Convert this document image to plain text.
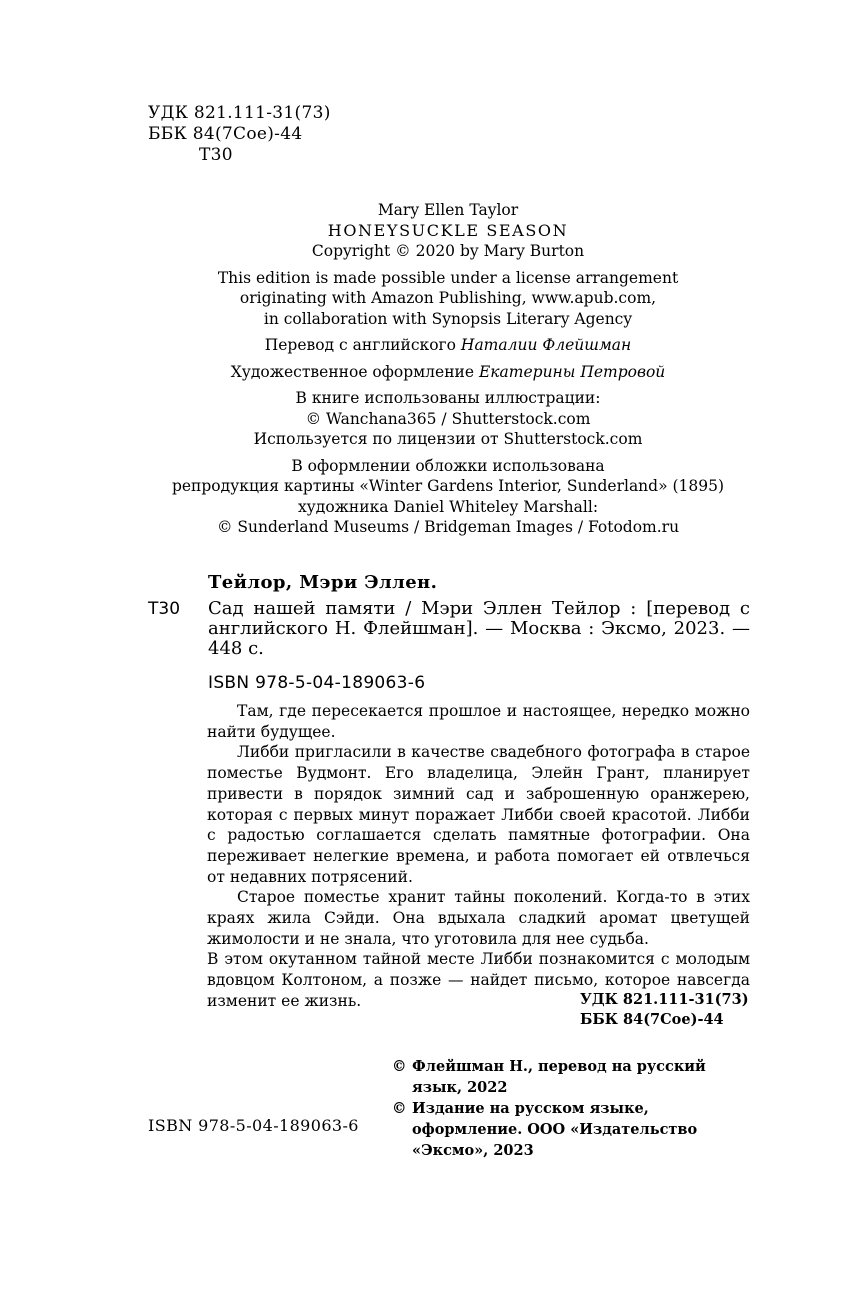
УДК 821.111-31(73)
ББК 84(7Сое)-44
Т30
Mary Ellen Taylor
HONEYSUCKLE SEASON
Copyright © 2020 by Mary Burton
This edition is made possible under a license arrangement
originating with Amazon Publishing, www.apub.com,
in collaboration with Synopsis Literary Agency
Перевод с английского Наталии Флейшман
Художественное оформление Екатерины Петровой
В книге использованы иллюстрации:
© Wanchana365 / Shutterstock.com
Используется по лицензии от Shutterstock.com
В оформлении обложки использована
репродукция картины «Winter Gardens Interior, Sunderland» (1895)
художника Daniel Whiteley Marshall:
© Sunderland Museums / Bridgeman Images / Fotodom.ru
Тейлор, Мэри Эллен.
Т30 Сад нашей памяти / Мэри Эллен Тейлор : [перевод с английского Н. Флейшман]. — Москва : Эксмо, 2023. — 448 с.
ISBN 978-5-04-189063-6

Там, где пересекается прошлое и настоящее, нередко можно найти будущее.

Либби пригласили в качестве свадебного фотографа в старое поместье Вудмонт. Его владелица, Элейн Грант, планирует привести в порядок зимний сад и заброшенную оранжерею, которая с первых минут поражает Либби своей красотой. Либби с радостью соглашается сделать памятные фотографии. Она переживает нелегкие времена, и работа помогает ей отвлечься от недавних потрясений.

Старое поместье хранит тайны поколений. Когда-то в этих краях жила Сэйди. Она вдыхала сладкий аромат цветущей жимолости и не знала, что уготовила для нее судьба.

В этом окутанном тайной месте Либби познакомится с молодым вдовцом Колтоном, а позже — найдет письмо, которое навсегда изменит ее жизнь.	УДК 821.111-31(73)
ББК 84(7Сое)-44
© Флейшман Н., перевод на русский язык, 2022
© Издание на русском языке, оформление. ООО «Издательство «Эксмо», 2023
ISBN 978-5-04-189063-6
